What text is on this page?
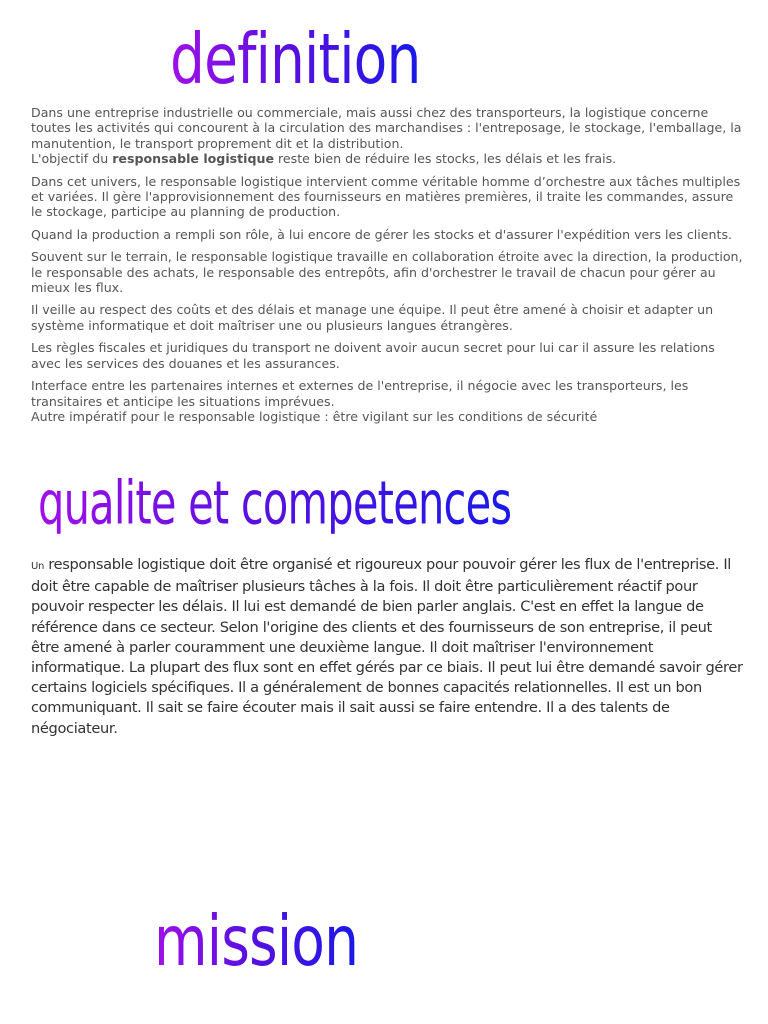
definition

Dans une entreprise industrielle ou commerciale, mais aussi chez des transporteurs, la logistique concerne toutes les activités qui concourent à la circulation des marchandises : l'entreposage, le stockage, l'emballage, la manutention, le transport proprement dit et la distribution.
L'objectif du responsable logistique reste bien de réduire les stocks, les délais et les frais.

Dans cet univers, le responsable logistique intervient comme véritable homme d’orchestre aux tâches multiples et variées. Il gère l'approvisionnement des fournisseurs en matières premières, il traite les commandes, assure le stockage, participe au planning de production.

Quand la production a rempli son rôle, à lui encore de gérer les stocks et d'assurer l'expédition vers les clients.

Souvent sur le terrain, le responsable logistique travaille en collaboration étroite avec la direction, la production, le responsable des achats, le responsable des entrepôts, afin d'orchestrer le travail de chacun pour gérer au mieux les flux.

Il veille au respect des coûts et des délais et manage une équipe. Il peut être amené à choisir et adapter un système informatique et doit maîtriser une ou plusieurs langues étrangères.

Les règles fiscales et juridiques du transport ne doivent avoir aucun secret pour lui car il assure les relations avec les services des douanes et les assurances.

Interface entre les partenaires internes et externes de l'entreprise, il négocie avec les transporteurs, les transitaires et anticipe les situations imprévues.

Autre impératif pour le responsable logistique : être vigilant sur les conditions de sécurité

qualite et competences

Un responsable logistique doit être organisé et rigoureux pour pouvoir gérer les flux de l'entreprise. Il doit être capable de maîtriser plusieurs tâches à la fois. Il doit être particulièrement réactif pour pouvoir respecter les délais. Il lui est demandé de bien parler anglais. C'est en effet la langue de référence dans ce secteur. Selon l'origine des clients et des fournisseurs de son entreprise, il peut être amené à parler couramment une deuxième langue. Il doit maîtriser l'environnement informatique. La plupart des flux sont en effet gérés par ce biais. Il peut lui être demandé savoir gérer certains logiciels spécifiques. Il a généralement de bonnes capacités relationnelles. Il est un bon communiquant. Il sait se faire écouter mais il sait aussi se faire entendre. Il a des talents de négociateur.

mission
